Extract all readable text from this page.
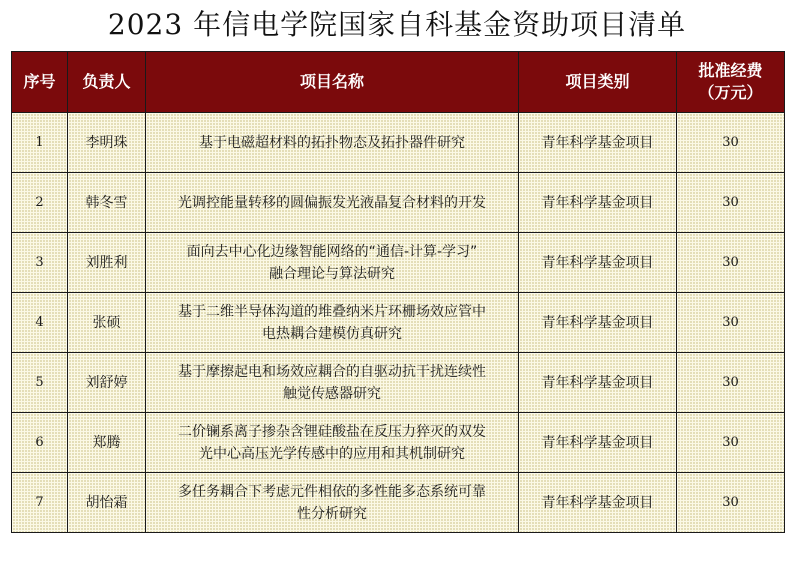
2023 年信电学院国家自科基金资助项目清单
序号	负责人	项目名称	项目类别	批准经费
（万元）

1	李明珠	基于电磁超材料的拓扑物态及拓扑器件研究	青年科学基金项目	30
2	韩冬雪	光调控能量转移的圆偏振发光液晶复合材料的开发	青年科学基金项目	30
3	刘胜利	面向去中心化边缘智能网络的“通信-计算-学习”
融合理论与算法研究	青年科学基金项目	30
4	张硕	基于二维半导体沟道的堆叠纳米片环栅场效应管中
电热耦合建模仿真研究	青年科学基金项目	30
5	刘舒婷	基于摩擦起电和场效应耦合的自驱动抗干扰连续性
触觉传感器研究	青年科学基金项目	30
6	郑腾	二价镧系离子掺杂含锂硅酸盐在反压力猝灭的双发
光中心高压光学传感中的应用和其机制研究	青年科学基金项目	30
7	胡怡霜	多任务耦合下考虑元件相依的多性能多态系统可靠
性分析研究	青年科学基金项目	30
